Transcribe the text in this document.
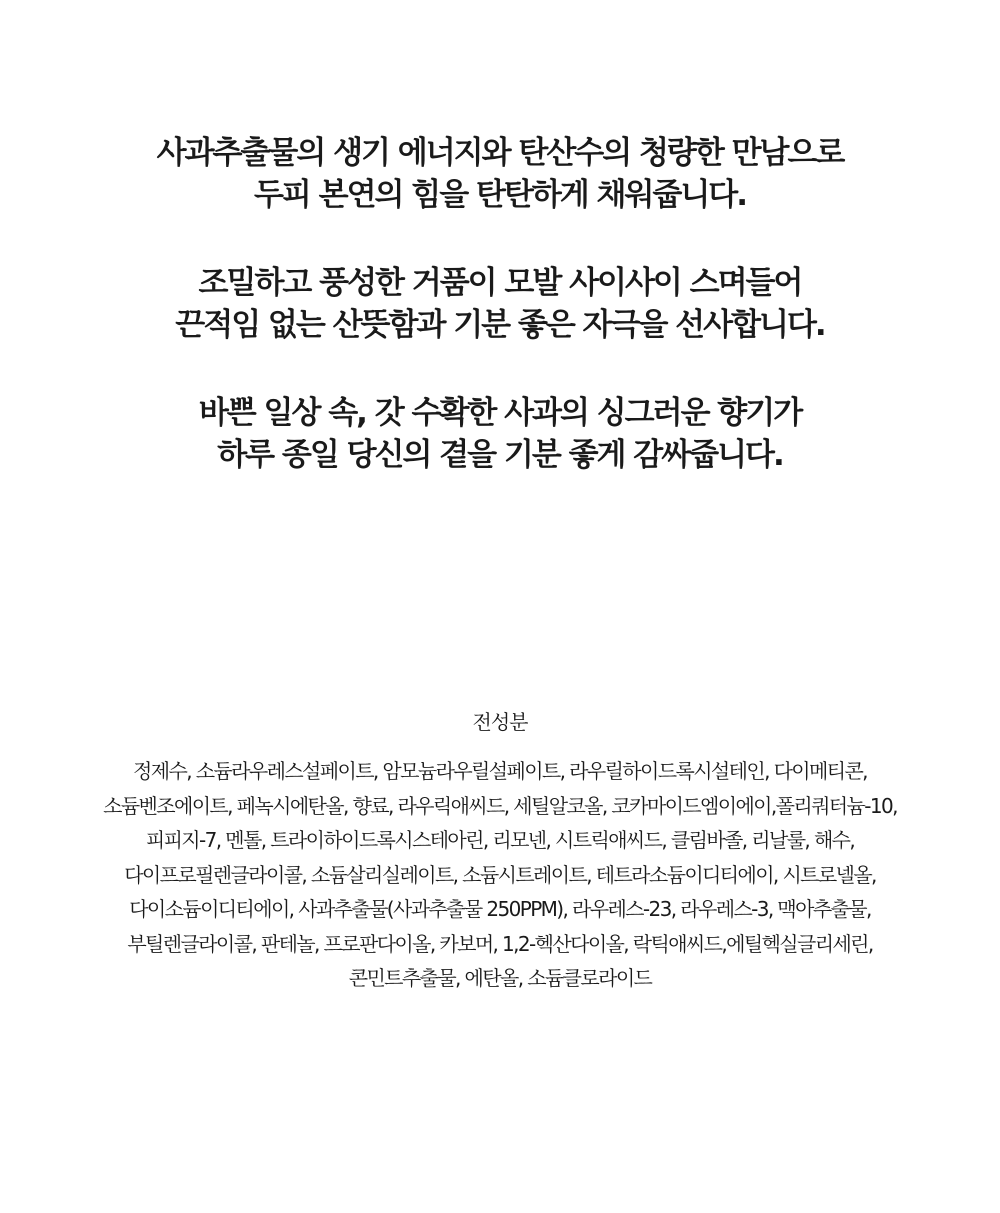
사과추출물의 생기 에너지와 탄산수의 청량한 만남으로
두피 본연의 힘을 탄탄하게 채워줍니다.

조밀하고 풍성한 거품이 모발 사이사이 스며들어
끈적임 없는 산뜻함과 기분 좋은 자극을 선사합니다.

바쁜 일상 속, 갓 수확한 사과의 싱그러운 향기가
하루 종일 당신의 곁을 기분 좋게 감싸줍니다.

전성분
정제수, 소듐라우레스설페이트, 암모늄라우릴설페이트, 라우릴하이드록시설테인, 다이메티콘,
소듐벤조에이트, 페녹시에탄올, 향료, 라우릭애씨드, 세틸알코올, 코카마이드엠이에이,폴리쿼터늄-10,
피피지-7, 멘톨, 트라이하이드록시스테아린, 리모넨, 시트릭애씨드, 클림바졸, 리날룰, 해수,
다이프로필렌글라이콜, 소듐살리실레이트, 소듐시트레이트, 테트라소듐이디티에이, 시트로넬올,
다이소듐이디티에이, 사과추출물(사과추출물 250PPM), 라우레스-23, 라우레스-3, 맥아추출물,
부틸렌글라이콜, 판테놀, 프로판다이올, 카보머, 1,2-헥산다이올, 락틱애씨드,에틸헥실글리세린,
콘민트추출물, 에탄올, 소듐클로라이드
